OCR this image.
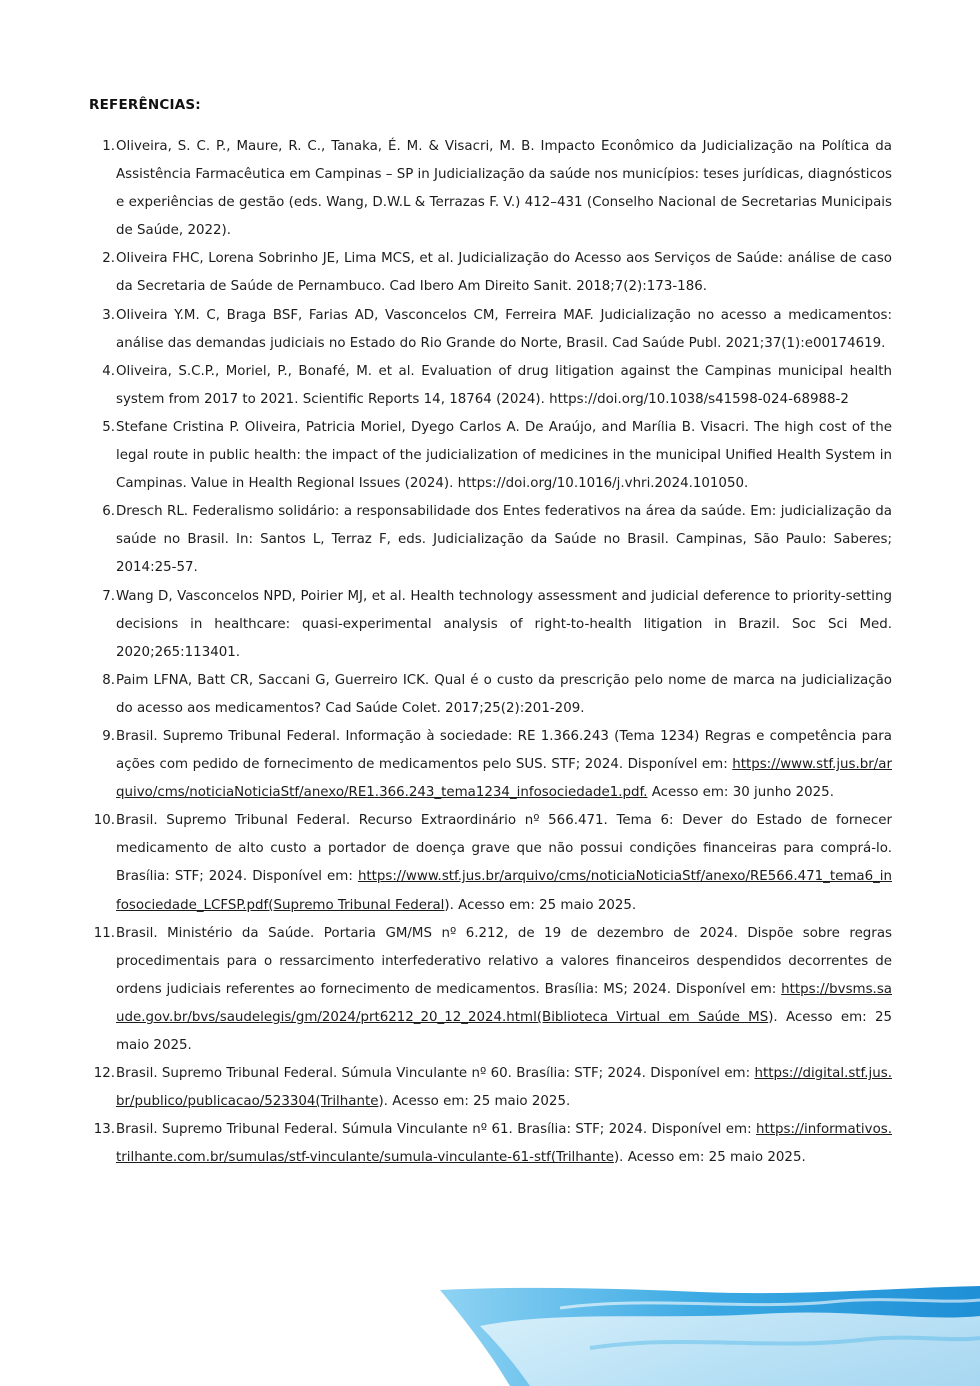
REFERÊNCIAS:
1. Oliveira, S. C. P., Maure, R. C., Tanaka, É. M. & Visacri, M. B. Impacto Econômico da Judicialização na Política da Assistência Farmacêutica em Campinas – SP in Judicialização da saúde nos municípios: teses jurídicas, diagnósticos e experiências de gestão (eds. Wang, D.W.L & Terrazas F. V.) 412–431 (Conselho Nacional de Secretarias Municipais de Saúde, 2022).
2. Oliveira FHC, Lorena Sobrinho JE, Lima MCS, et al. Judicialização do Acesso aos Serviços de Saúde: análise de caso da Secretaria de Saúde de Pernambuco. Cad Ibero Am Direito Sanit. 2018;7(2):173-186.
3. Oliveira Y.M. C, Braga BSF, Farias AD, Vasconcelos CM, Ferreira MAF. Judicialização no acesso a medicamentos: análise das demandas judiciais no Estado do Rio Grande do Norte, Brasil. Cad Saúde Publ. 2021;37(1):e00174619.
4. Oliveira, S.C.P., Moriel, P., Bonafé, M. et al. Evaluation of drug litigation against the Campinas municipal health system from 2017 to 2021. Scientific Reports 14, 18764 (2024). https://doi.org/10.1038/s41598-024-68988-2
5. Stefane Cristina P. Oliveira, Patricia Moriel, Dyego Carlos A. De Araújo, and Marília B. Visacri. The high cost of the legal route in public health: the impact of the judicialization of medicines in the municipal Unified Health System in Campinas. Value in Health Regional Issues (2024). https://doi.org/10.1016/j.vhri.2024.101050.
6. Dresch RL. Federalismo solidário: a responsabilidade dos Entes federativos na área da saúde. Em: judicialização da saúde no Brasil. In: Santos L, Terraz F, eds. Judicialização da Saúde no Brasil. Campinas, São Paulo: Saberes; 2014:25-57.
7. Wang D, Vasconcelos NPD, Poirier MJ, et al. Health technology assessment and judicial deference to priority-setting decisions in healthcare: quasi-experimental analysis of right-to-health litigation in Brazil. Soc Sci Med. 2020;265:113401.
8. Paim LFNA, Batt CR, Saccani G, Guerreiro ICK. Qual é o custo da prescrição pelo nome de marca na judicialização do acesso aos medicamentos? Cad Saúde Colet. 2017;25(2):201-209.
9. Brasil. Supremo Tribunal Federal. Informação à sociedade: RE 1.366.243 (Tema 1234) Regras e competência para ações com pedido de fornecimento de medicamentos pelo SUS. STF; 2024. Disponível em: https://www.stf.jus.br/arquivo/cms/noticiaNoticiaStf/anexo/RE1.366.243_tema1234_infosociedade1.pdf. Acesso em: 30 junho 2025.
10. Brasil. Supremo Tribunal Federal. Recurso Extraordinário nº 566.471. Tema 6: Dever do Estado de fornecer medicamento de alto custo a portador de doença grave que não possui condições financeiras para comprá-lo. Brasília: STF; 2024. Disponível em: https://www.stf.jus.br/arquivo/cms/noticiaNoticiaStf/anexo/RE566.471_tema6_infosociedade_LCFSP.pdf(Supremo Tribunal Federal). Acesso em: 25 maio 2025.
11. Brasil. Ministério da Saúde. Portaria GM/MS nº 6.212, de 19 de dezembro de 2024. Dispõe sobre regras procedimentais para o ressarcimento interfederativo relativo a valores financeiros despendidos decorrentes de ordens judiciais referentes ao fornecimento de medicamentos. Brasília: MS; 2024. Disponível em: https://bvsms.saude.gov.br/bvs/saudelegis/gm/2024/prt6212_20_12_2024.html(Biblioteca Virtual em Saúde MS). Acesso em: 25 maio 2025.
12. Brasil. Supremo Tribunal Federal. Súmula Vinculante nº 60. Brasília: STF; 2024. Disponível em: https://digital.stf.jus.br/publico/publicacao/523304(Trilhante). Acesso em: 25 maio 2025.
13. Brasil. Supremo Tribunal Federal. Súmula Vinculante nº 61. Brasília: STF; 2024. Disponível em: https://informativos.trilhante.com.br/sumulas/stf-vinculante/sumula-vinculante-61-stf(Trilhante). Acesso em: 25 maio 2025.
